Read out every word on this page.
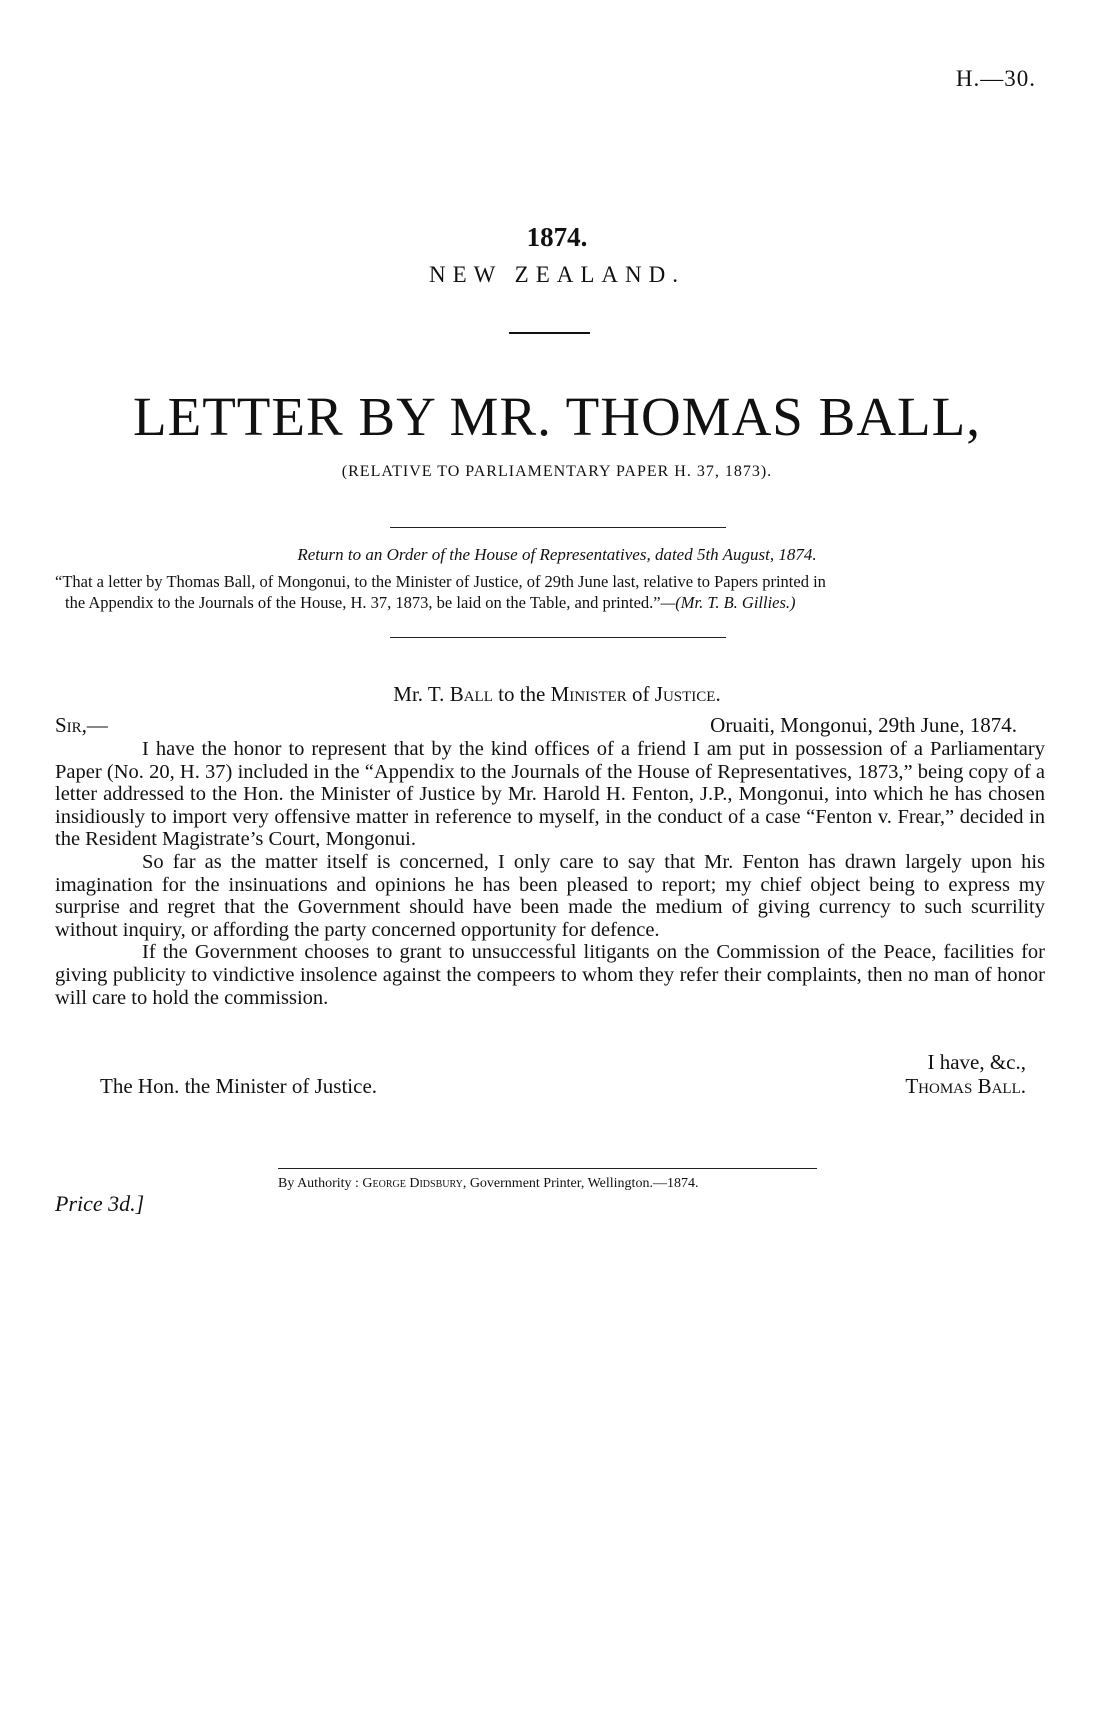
H.—30.
1874.
NEW ZEALAND.
LETTER BY MR. THOMAS BALL,
(RELATIVE TO PARLIAMENTARY PAPER H. 37, 1873).
Return to an Order of the House of Representatives, dated 5th August, 1874.
“That a letter by Thomas Ball, of Mongonui, to the Minister of Justice, of 29th June last, relative to Papers printed in
the Appendix to the Journals of the House, H. 37, 1873, be laid on the Table, and printed.”—(Mr. T. B. Gillies.)
Mr. T. Ball to the Minister of Justice.
Sir,—	Oruaiti, Mongonui, 29th June, 1874.

I have the honor to represent that by the kind offices of a friend I am put in possession of a Parliamentary Paper (No. 20, H. 37) included in the “Appendix to the Journals of the House of Representatives, 1873,” being copy of a letter addressed to the Hon. the Minister of Justice by Mr. Harold H. Fenton, J.P., Mongonui, into which he has chosen insidiously to import very offensive matter in reference to myself, in the conduct of a case “Fenton v. Frear,” decided in the Resident Magistrate’s Court, Mongonui.

So far as the matter itself is concerned, I only care to say that Mr. Fenton has drawn largely upon his imagination for the insinuations and opinions he has been pleased to report; my chief object being to express my surprise and regret that the Government should have been made the medium of giving currency to such scurrility without inquiry, or affording the party concerned opportunity for defence.

If the Government chooses to grant to unsuccessful litigants on the Commission of the Peace, facilities for giving publicity to vindictive insolence against the compeers to whom they refer their complaints, then no man of honor will care to hold the commission.

I have, &c.,
Thomas Ball.
The Hon. the Minister of Justice.
Price 3d.]
By Authority : George Didsbury, Government Printer, Wellington.—1874.
